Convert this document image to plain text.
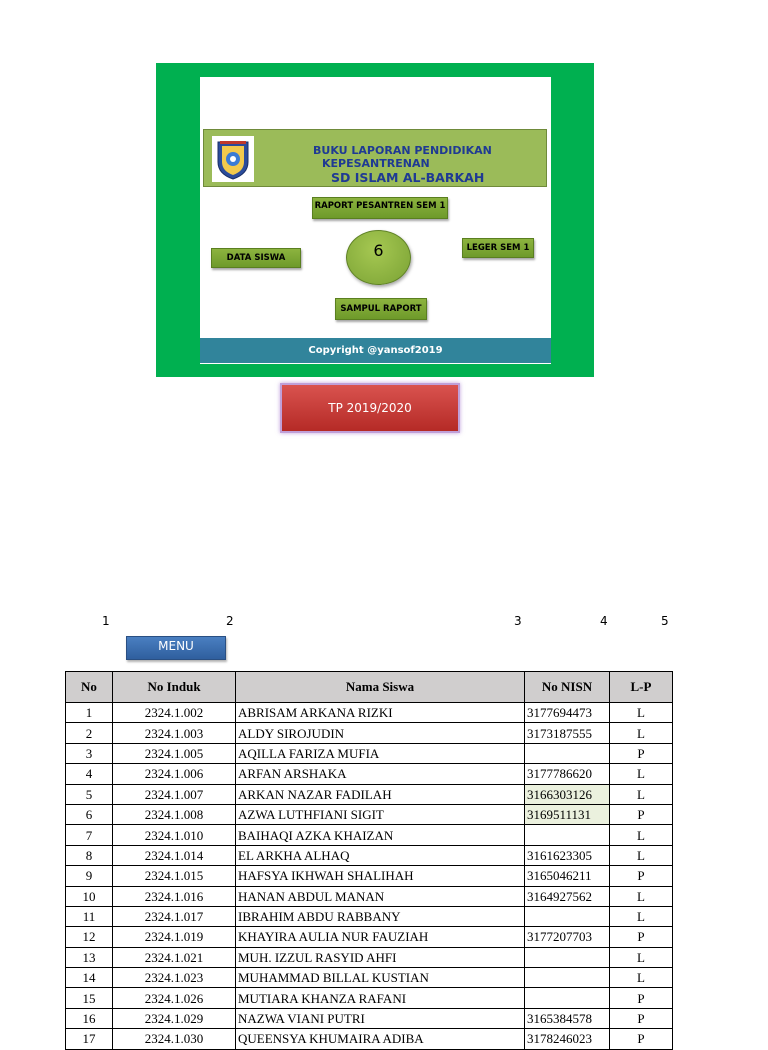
BUKU LAPORAN PENDIDIKAN
KEPESANTRENAN
SD ISLAM AL-BARKAH
RAPORT PESANTREN SEM 1
DATA SISWA
LEGER SEM 1
SAMPUL RAPORT
6
Copyright @yansof2019
TP 2019/2020
1	2	3	4	5
MENU
No	No Induk	Nama Siswa	No NISN	L-P
1	2324.1.002	ABRISAM ARKANA RIZKI	3177694473	L
2	2324.1.003	ALDY SIROJUDIN	3173187555	L
3	2324.1.005	AQILLA FARIZA MUFIA		P
4	2324.1.006	ARFAN ARSHAKA	3177786620	L
5	2324.1.007	ARKAN NAZAR FADILAH	3166303126	L
6	2324.1.008	AZWA LUTHFIANI SIGIT	3169511131	P
7	2324.1.010	BAIHAQI AZKA KHAIZAN		L
8	2324.1.014	EL ARKHA ALHAQ	3161623305	L
9	2324.1.015	HAFSYA IKHWAH SHALIHAH	3165046211	P
10	2324.1.016	HANAN ABDUL MANAN	3164927562	L
11	2324.1.017	IBRAHIM ABDU RABBANY		L
12	2324.1.019	KHAYIRA AULIA NUR FAUZIAH	3177207703	P
13	2324.1.021	MUH. IZZUL RASYID AHFI		L
14	2324.1.023	MUHAMMAD BILLAL KUSTIAN		L
15	2324.1.026	MUTIARA KHANZA RAFANI		P
16	2324.1.029	NAZWA VIANI PUTRI	3165384578	P
17	2324.1.030	QUEENSYA KHUMAIRA ADIBA	3178246023	P
